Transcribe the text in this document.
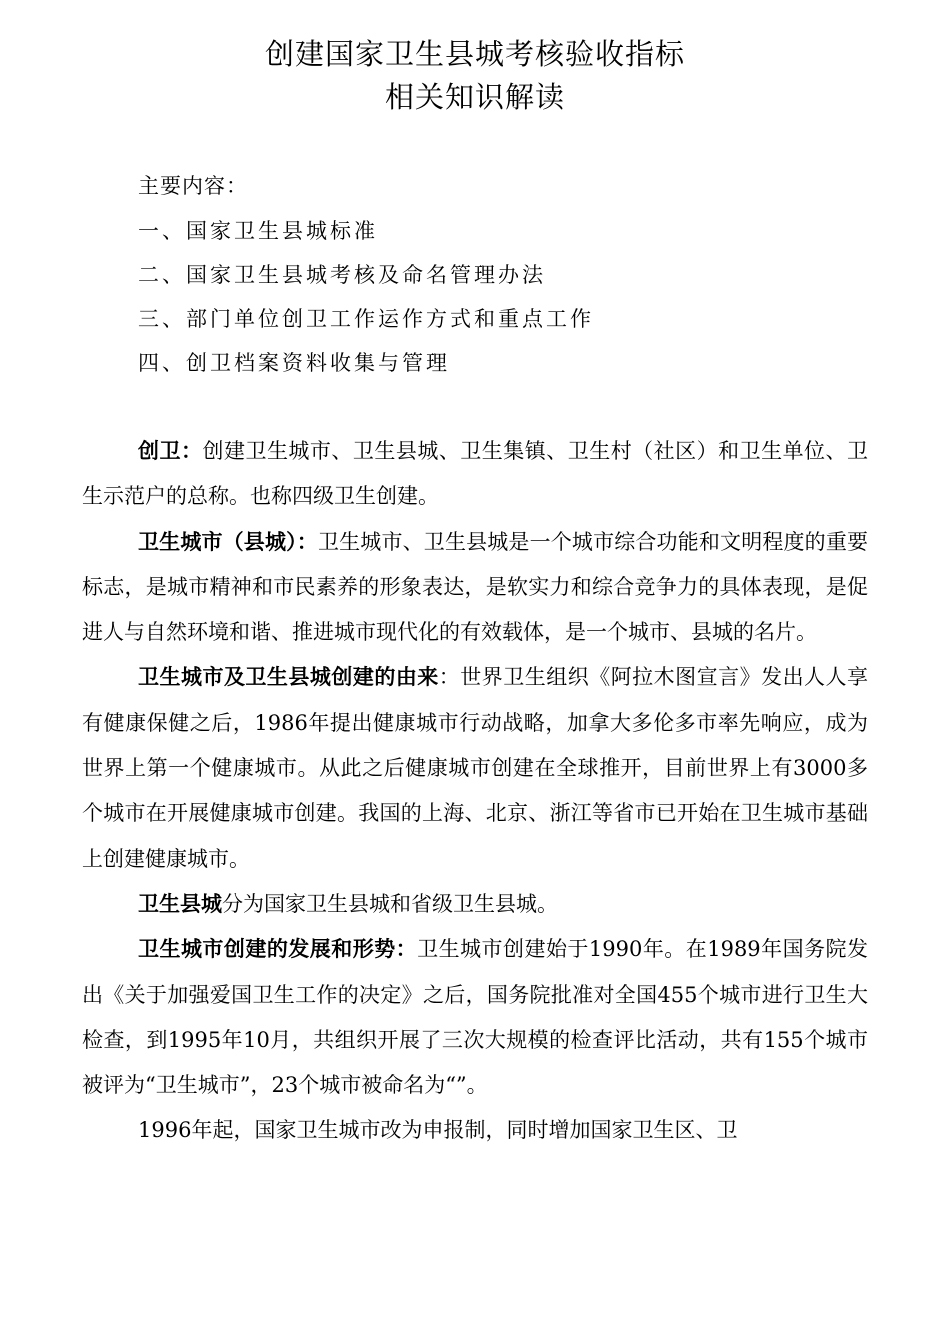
创建国家卫生县城考核验收指标
相关知识解读
主要内容：
一、国家卫生县城标准
二、国家卫生县城考核及命名管理办法
三、部门单位创卫工作运作方式和重点工作
四、创卫档案资料收集与管理

创卫：创建卫生城市、卫生县城、卫生集镇、卫生村（社区）和卫生单位、卫生示范户的总称。也称四级卫生创建。

卫生城市（县城）：卫生城市、卫生县城是一个城市综合功能和文明程度的重要标志，是城市精神和市民素养的形象表达，是软实力和综合竞争力的具体表现，是促进人与自然环境和谐、推进城市现代化的有效载体，是一个城市、县城的名片。

卫生城市及卫生县城创建的由来：世界卫生组织《阿拉木图宣言》发出人人享有健康保健之后，1986年提出健康城市行动战略，加拿大多伦多市率先响应，成为世界上第一个健康城市。从此之后健康城市创建在全球推开，目前世界上有3000多个城市在开展健康城市创建。我国的上海、北京、浙江等省市已开始在卫生城市基础上创建健康城市。

卫生县城分为国家卫生县城和省级卫生县城。

卫生城市创建的发展和形势：卫生城市创建始于1990年。在1989年国务院发出《关于加强爱国卫生工作的决定》之后，国务院批准对全国455个城市进行卫生大检查，到1995年10月，共组织开展了三次大规模的检查评比活动，共有155个城市被评为“卫生城市”，23个城市被命名为“”。

1996年起，国家卫生城市改为申报制，同时增加国家卫生区、卫
